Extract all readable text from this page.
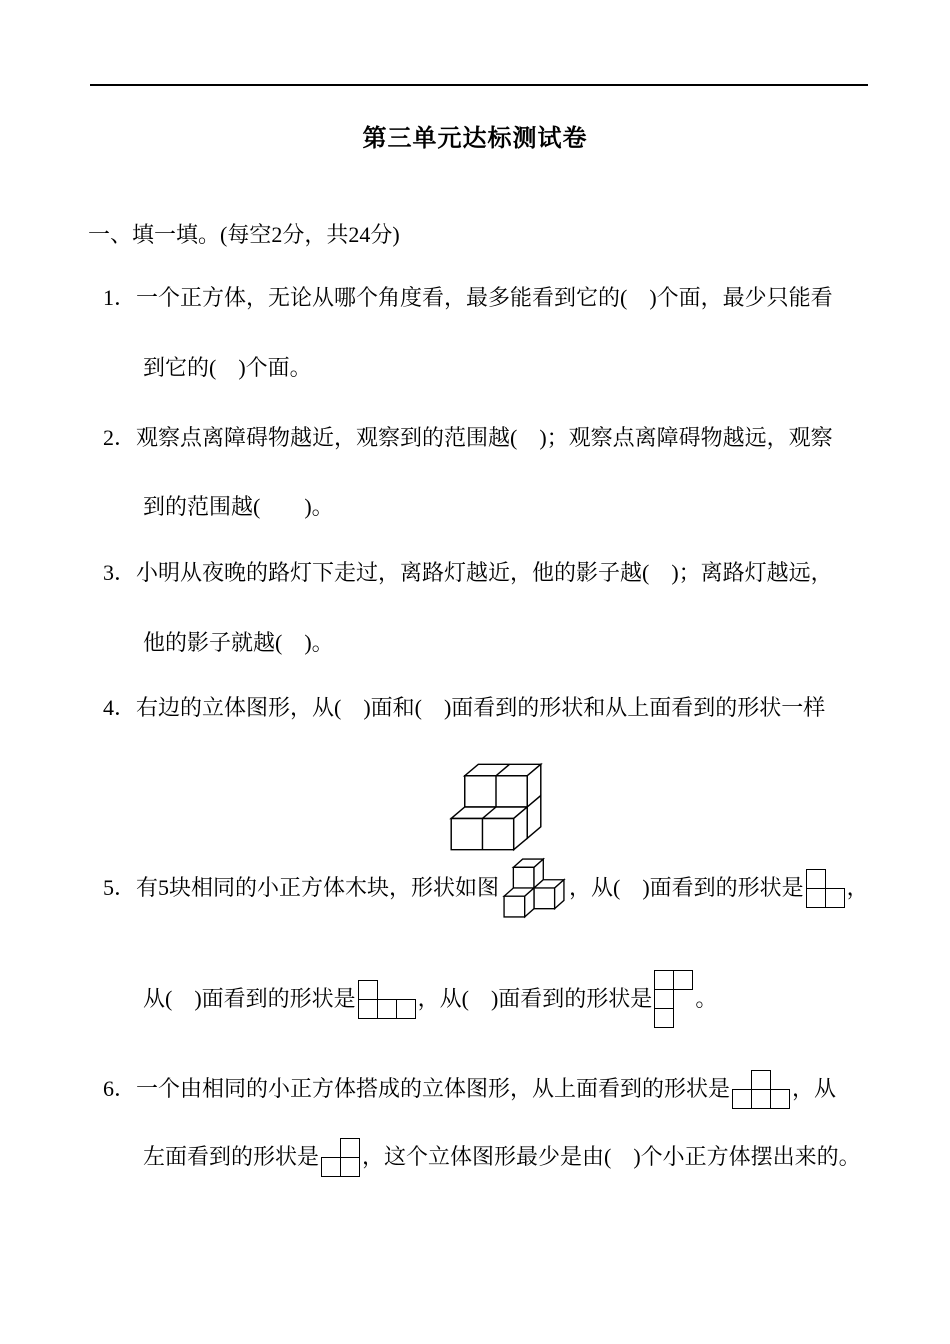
第三单元达标测试卷
一、填一填。(每空2分，共24分)
1．一个正方体，无论从哪个角度看，最多能看到它的(　)个面，最少只能看
到它的(　)个面。
2．观察点离障碍物越近，观察到的范围越(　)；观察点离障碍物越远，观察
到的范围越(　　)。
3．小明从夜晚的路灯下走过，离路灯越近，他的影子越(　)；离路灯越远，
他的影子就越(　)。
4．右边的立体图形，从(　)面和(　)面看到的形状和从上面看到的形状一样
5．有5块相同的小正方体木块，形状如图	，从(　)面看到的形状是 ，
从(　)面看到的形状是	，从(　)面看到的形状是 。
6．一个由相同的小正方体搭成的立体图形，从上面看到的形状是	，从
左面看到的形状是 ，这个立体图形最少是由(　)个小正方体摆出来的。
